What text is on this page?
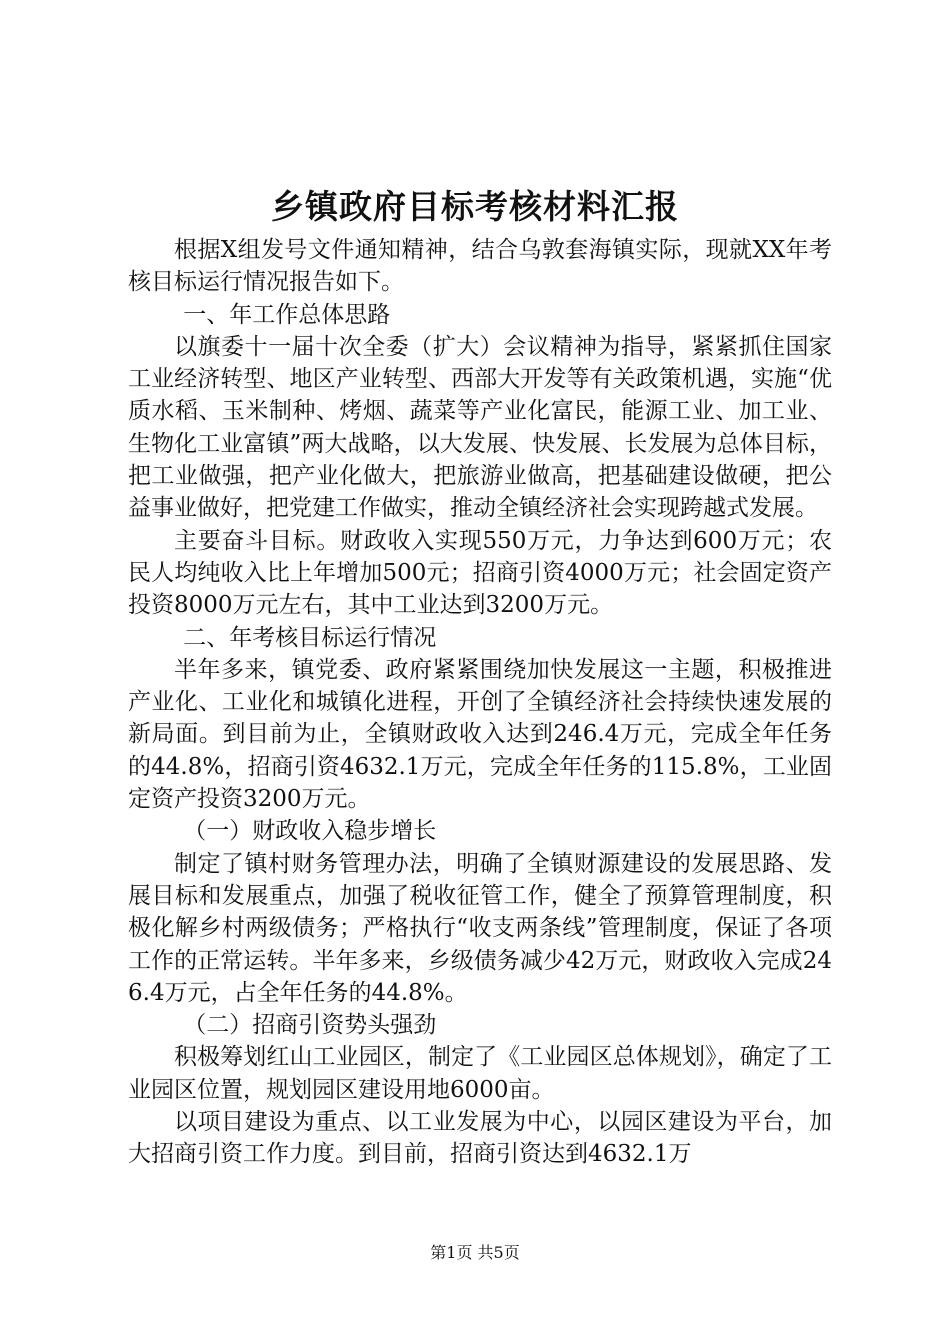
乡镇政府目标考核材料汇报

根据X组发号文件通知精神，结合乌敦套海镇实际，现就XX年考核目标运行情况报告如下。

一、年工作总体思路

以旗委十一届十次全委（扩大）会议精神为指导，紧紧抓住国家工业经济转型、地区产业转型、西部大开发等有关政策机遇，实施“优质水稻、玉米制种、烤烟、蔬菜等产业化富民，能源工业、加工业、生物化工业富镇”两大战略，以大发展、快发展、长发展为总体目标，把工业做强，把产业化做大，把旅游业做高，把基础建设做硬，把公益事业做好，把党建工作做实，推动全镇经济社会实现跨越式发展。

主要奋斗目标。财政收入实现550万元，力争达到600万元；农民人均纯收入比上年增加500元；招商引资4000万元；社会固定资产投资8000万元左右，其中工业达到3200万元。

二、年考核目标运行情况

半年多来，镇党委、政府紧紧围绕加快发展这一主题，积极推进产业化、工业化和城镇化进程，开创了全镇经济社会持续快速发展的新局面。到目前为止，全镇财政收入达到246.4万元，完成全年任务的44.8%，招商引资4632.1万元，完成全年任务的115.8%，工业固定资产投资3200万元。

（一）财政收入稳步增长

制定了镇村财务管理办法，明确了全镇财源建设的发展思路、发展目标和发展重点，加强了税收征管工作，健全了预算管理制度，积极化解乡村两级债务；严格执行“收支两条线”管理制度，保证了各项工作的正常运转。半年多来，乡级债务减少42万元，财政收入完成246.4万元，占全年任务的44.8%。

（二）招商引资势头强劲

积极筹划红山工业园区，制定了《工业园区总体规划》，确定了工业园区位置，规划园区建设用地6000亩。

以项目建设为重点、以工业发展为中心，以园区建设为平台，加大招商引资工作力度。到目前，招商引资达到4632.1万

第1页 共5页
